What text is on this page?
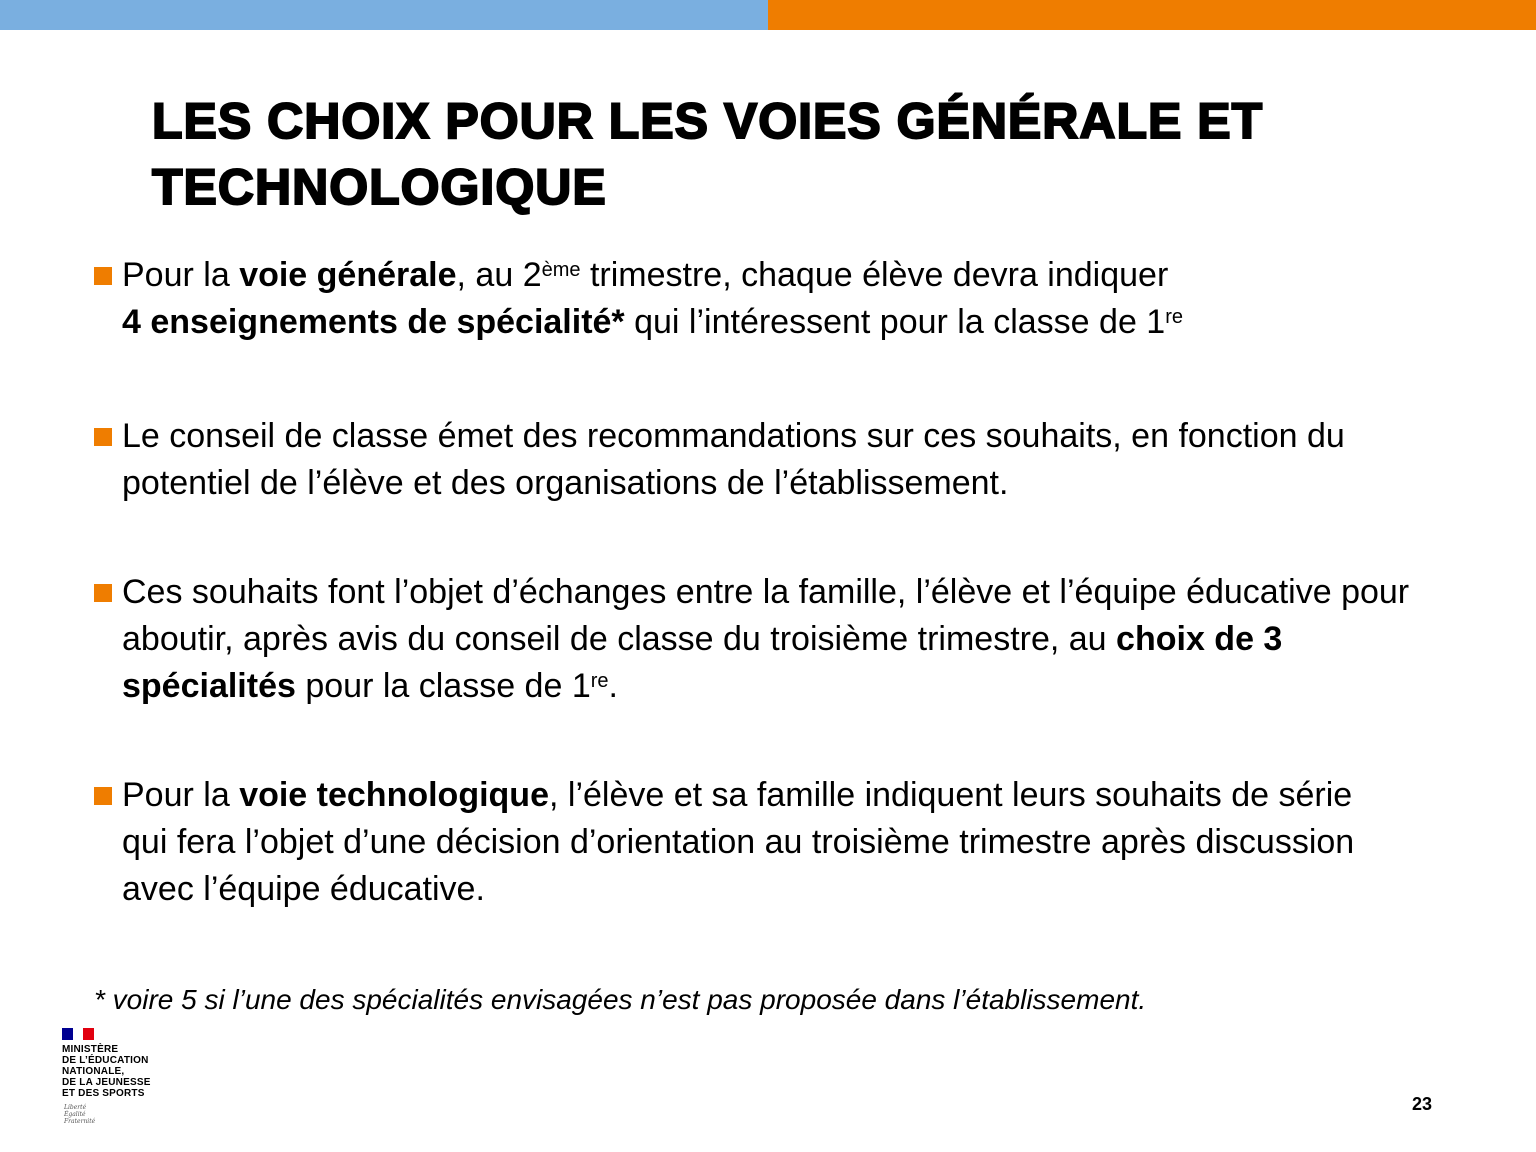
LES CHOIX POUR LES VOIES GÉNÉRALE ET
TECHNOLOGIQUE
Pour la voie générale, au 2ème trimestre, chaque élève devra indiquer
4 enseignements de spécialité* qui l’intéressent pour la classe de 1re
Le conseil de classe émet des recommandations sur ces souhaits, en fonction du potentiel de l’élève et des organisations de l’établissement.
Ces souhaits font l’objet d’échanges entre la famille, l’élève et l’équipe éducative pour aboutir, après avis du conseil de classe du troisième trimestre, au choix de 3 spécialités pour la classe de 1re.
Pour la voie technologique, l’élève et sa famille indiquent leurs souhaits de série qui fera l’objet d’une décision d’orientation au troisième trimestre après discussion avec l’équipe éducative.
* voire 5 si l’une des spécialités envisagées n’est pas proposée dans l’établissement.
MINISTÈRE
DE L’ÉDUCATION
NATIONALE,
DE LA JEUNESSE
ET DES SPORTS
Liberté
Égalité
Fraternité
23
